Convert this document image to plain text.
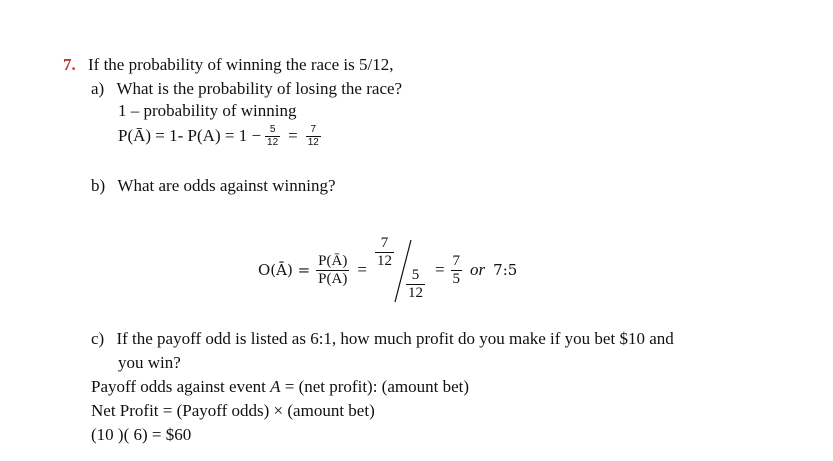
7. If the probability of winning the race is 5/12,
a) What is the probability of losing the race?
1 – probability of winning
P(Ā) = 1- $P(A) = 1 - \frac{5}{12} = \frac{7}{12}$
b) What are odds against winning?
O(Ā) = $\frac{P(Ā)}{P(A)}$ =
$\frac{7}{12}$
$\frac{5}{12} = \frac{7}{5}$ or 7:5
c) If the payoff odd is listed as 6:1, how much profit do you make if you bet $10 and
you win?
Payoff odds against event A = (net profit): (amount bet)
Net Profit = (Payoff odds) × (amount bet)
(10 )( 6) = $60
